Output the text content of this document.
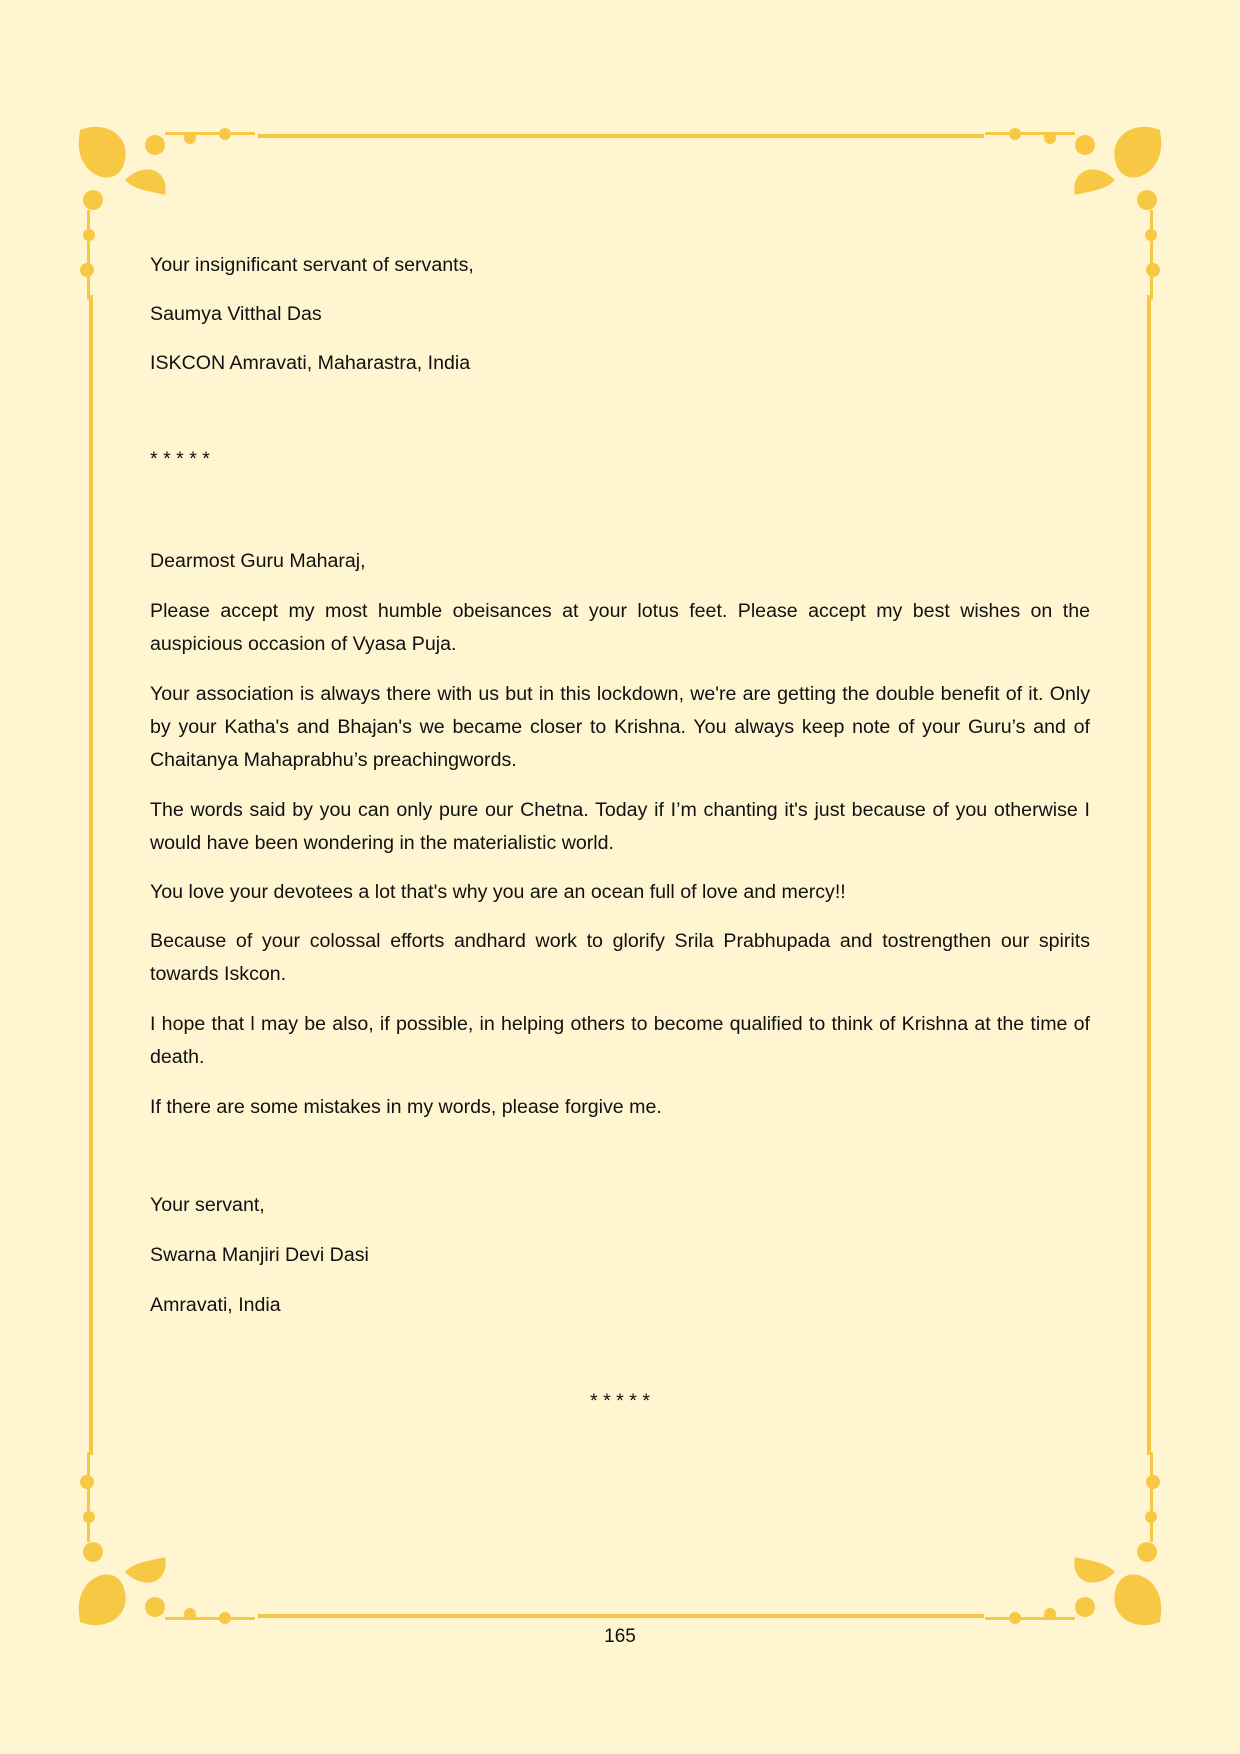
Your insignificant servant of servants,

Saumya Vitthal Das

ISKCON Amravati, Maharastra, India

* * * * *

Dearmost Guru Maharaj,

Please accept my most humble obeisances at your lotus feet. Please accept my best wishes on the auspicious occasion of Vyasa Puja.

Your association is always there with us but in this lockdown, we're are getting the double benefit of it. Only by your Katha's and Bhajan's we became closer to Krishna. You always keep note of your Guru’s and of Chaitanya Mahaprabhu’s preachingwords.

The words said by you can only pure our Chetna. Today if I’m chanting it's just because of you otherwise I would have been wondering in the materialistic world.

You love your devotees a lot that's why you are an ocean full of love and mercy!!

Because of your colossal efforts andhard work to glorify Srila Prabhupada and tostrengthen our spirits towards Iskcon.

I hope that l may be also, if possible, in helping others to become qualified to think of Krishna at the time of death.

If there are some mistakes in my words, please forgive me.

Your servant,

Swarna Manjiri Devi Dasi

Amravati, India

* * * * *
165
